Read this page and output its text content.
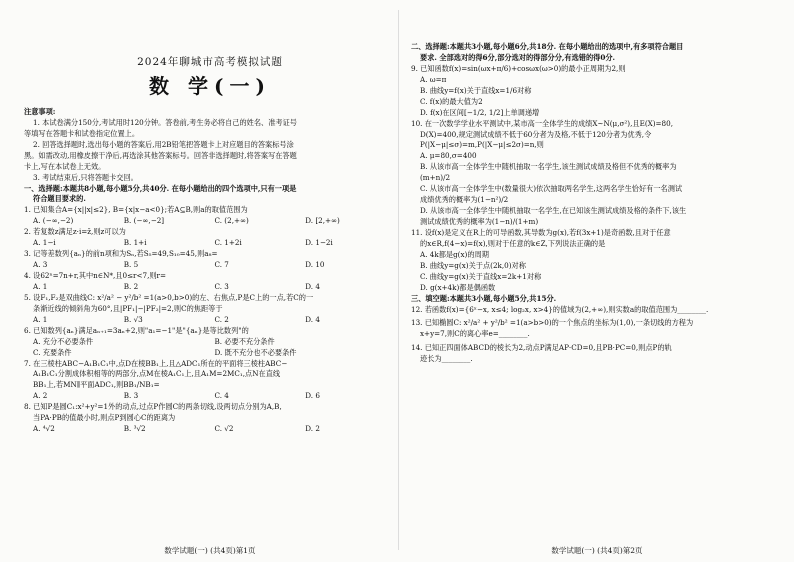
2024年聊城市高考模拟试题

数 学(一)

注意事项:

1. 本试卷满分150分,考试用时120分钟。答卷前,考生务必将自己的姓名、准考证号

等填写在答题卡和试卷指定位置上。

2. 回答选择题时,选出每小题的答案后,用2B铅笔把答题卡上对应题目的答案标号涂

黑。如需改动,用橡皮擦干净后,再选涂其他答案标号。回答非选择题时,将答案写在答题

卡上,写在本试卷上无效。

3. 考试结束后,只将答题卡交回。

一、选择题:本题共8小题,每小题5分,共40分. 在每小题给出的四个选项中,只有一项是

符合题目要求的.

1. 已知集合A={x||x|≤2}, B={x|x−a<0};若A⊆B,则a的取值范围为

A. (−∞,−2)	B. (−∞,−2]	C. (2,+∞)	D. [2,+∞)

2. 若复数z满足z·i=z̄,则z可以为

A. 1−i	B. 1+i	C. 1+2i	D. 1−2i

3. 记等差数列{aₙ}的前n项和为Sₙ,若S₅=49,S₁₀=45,则a₈=

A. 3	B. 5	C. 7	D. 10

4. 设62ⁿ=7n+r,其中n∈N*,且0≤r<7,则r=

A. 1	B. 2	C. 3	D. 4

5. 设F₁,F₂是双曲线C: x²/a² − y²/b² =1(a>0,b>0)的左、右焦点,P是C上的一点,若C的一

条渐近线的倾斜角为60°,且|PF₁|−|PF₂|=2,则C的焦距等于

A. 1	B. √3	C. 2	D. 4

6. 已知数列{aₙ}满足aₙ₊₁=3aₙ+2,则"a₁=−1"是"{aₙ}是等比数列"的

A. 充分不必要条件	B. 必要不充分条件
C. 充要条件	D. 既不充分也不必要条件

7. 在三棱柱ABC−A₁B₁C₁中,点D在棱BB₁上,且△ADC₁所在的平面将三棱柱ABC−

A₁B₁C₁分割成体积相等的两部分,点M在棱A₁C₁上,且A₁M=2MC₁,点N在直线

BB₁上,若MN∥平面ADC₁,则BB₁/NB₁=

A. 2	B. 3	C. 4	D. 6

8. 已知P是圆C₁:x²+y²=1外的动点,过点P作圆C的两条切线,设两切点分别为A,B,

当PA·PB的值最小时,则点P到圆心C的距离为

A. ⁴√2	B. ³√2	C. √2	D. 2
数学试题(一) (共4页)第1页

二、选择题:本题共3小题,每小题6分,共18分. 在每小题给出的选项中,有多项符合题目

要求. 全部选对的得6分,部分选对的得部分分,有选错的得0分.

9. 已知函数f(x)=sin(ωx+π/6)+cosωx(ω>0)的最小正周期为2,则

A. ω=π

B. 曲线y=f(x)关于直线x=1/6对称

C. f(x)的最大值为2

D. f(x)在区间[−1/2, 1/2]上单调递增

10. 在一次数学学业水平测试中,某市高一全体学生的成绩X~N(μ,σ²),且E(X)=80,

D(X)=400,规定测试成绩不低于60分者为及格,不低于120分者为优秀,令

P(|X−μ|≤σ)=m,P(|X−μ|≤2σ)=n,则

A. μ=80,σ=400

B. 从该市高一全体学生中随机抽取一名学生,该生测试成绩及格但不优秀的概率为

(m+n)/2

C. 从该市高一全体学生中(数量很大)依次抽取两名学生,这两名学生恰好有一名测试

成绩优秀的概率为(1−n²)/2

D. 从该市高一全体学生中随机抽取一名学生,在已知该生测试成绩及格的条件下,该生

测试成绩优秀的概率为(1−n)/(1+m)

11. 设f(x)是定义在R上的可导函数,其导数为g(x),若f(3x+1)是奇函数,且对于任意

的x∈R,f(4−x)=f(x),则对于任意的k∈Z,下列说法正确的是

A. 4k都是g(x)的周期

B. 曲线y=g(x)关于点(2k,0)对称

C. 曲线y=g(x)关于直线x=2k+1对称

D. g(x+4k)都是偶函数

三、填空题:本题共3小题,每小题5分,共15分.

12. 若函数f(x)={6ˣ−x, x≤4; log₂x, x>4}的值域为(2,+∞),则实数a的取值范围为________.

13. 已知椭圆C: x²/a² + y²/b² =1(a>b>0)的一个焦点的坐标为(1,0),一条切线的方程为

x+y=7,则C的离心率e=________.

14. 已知正四面体ABCD的棱长为2,动点P满足AP·CD=0,且PB·PC=0,则点P的轨

迹长为________.

数学试题(一) (共4页)第2页
